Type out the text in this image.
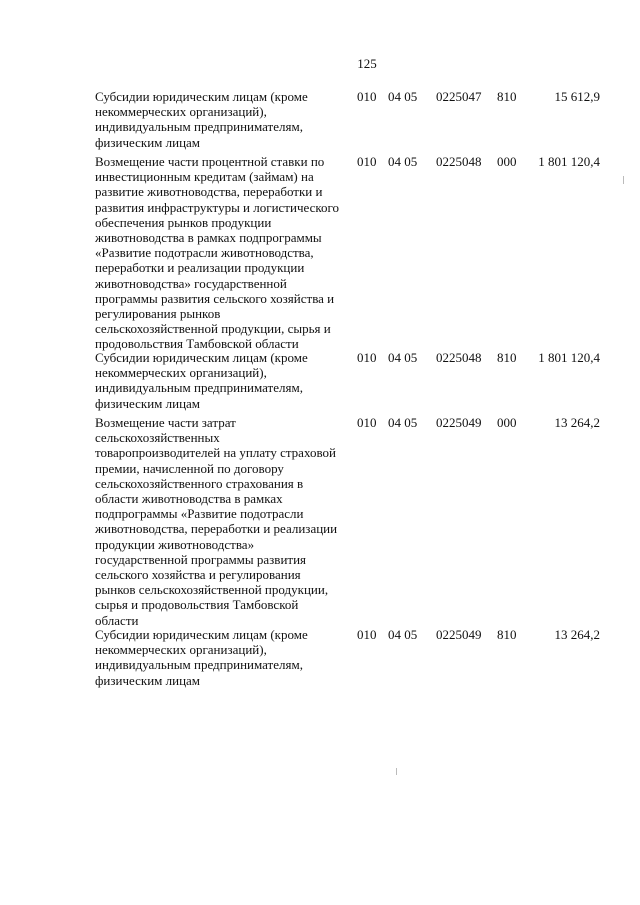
125
Субсидии юридическим лицам (кроме
некоммерческих организаций),
индивидуальным предпринимателям,
физическим лицам
010 04 05 0225047 810	15 612,9
Возмещение части процентной ставки по
инвестиционным кредитам (займам) на
развитие животноводства, переработки и
развития инфраструктуры и логистического
обеспечения рынков продукции
животноводства в рамках подпрограммы
«Развитие подотрасли животноводства,
переработки и реализации продукции
животноводства» государственной
программы развития сельского хозяйства и
регулирования рынков
сельскохозяйственной продукции, сырья и
продовольствия Тамбовской области
010 04 05 0225048 000	1 801 120,4
Субсидии юридическим лицам (кроме
некоммерческих организаций),
индивидуальным предпринимателям,
физическим лицам
010 04 05 0225048 810	1 801 120,4
Возмещение части затрат
сельскохозяйственных
товаропроизводителей на уплату страховой
премии, начисленной по договору
сельскохозяйственного страхования в
области животноводства в рамках
подпрограммы «Развитие подотрасли
животноводства, переработки и реализации
продукции животноводства»
государственной программы развития
сельского хозяйства и регулирования
рынков сельскохозяйственной продукции,
сырья и продовольствия Тамбовской
области
010 04 05 0225049 000	13 264,2
Субсидии юридическим лицам (кроме
некоммерческих организаций),
индивидуальным предпринимателям,
физическим лицам
010 04 05 0225049 810	13 264,2
